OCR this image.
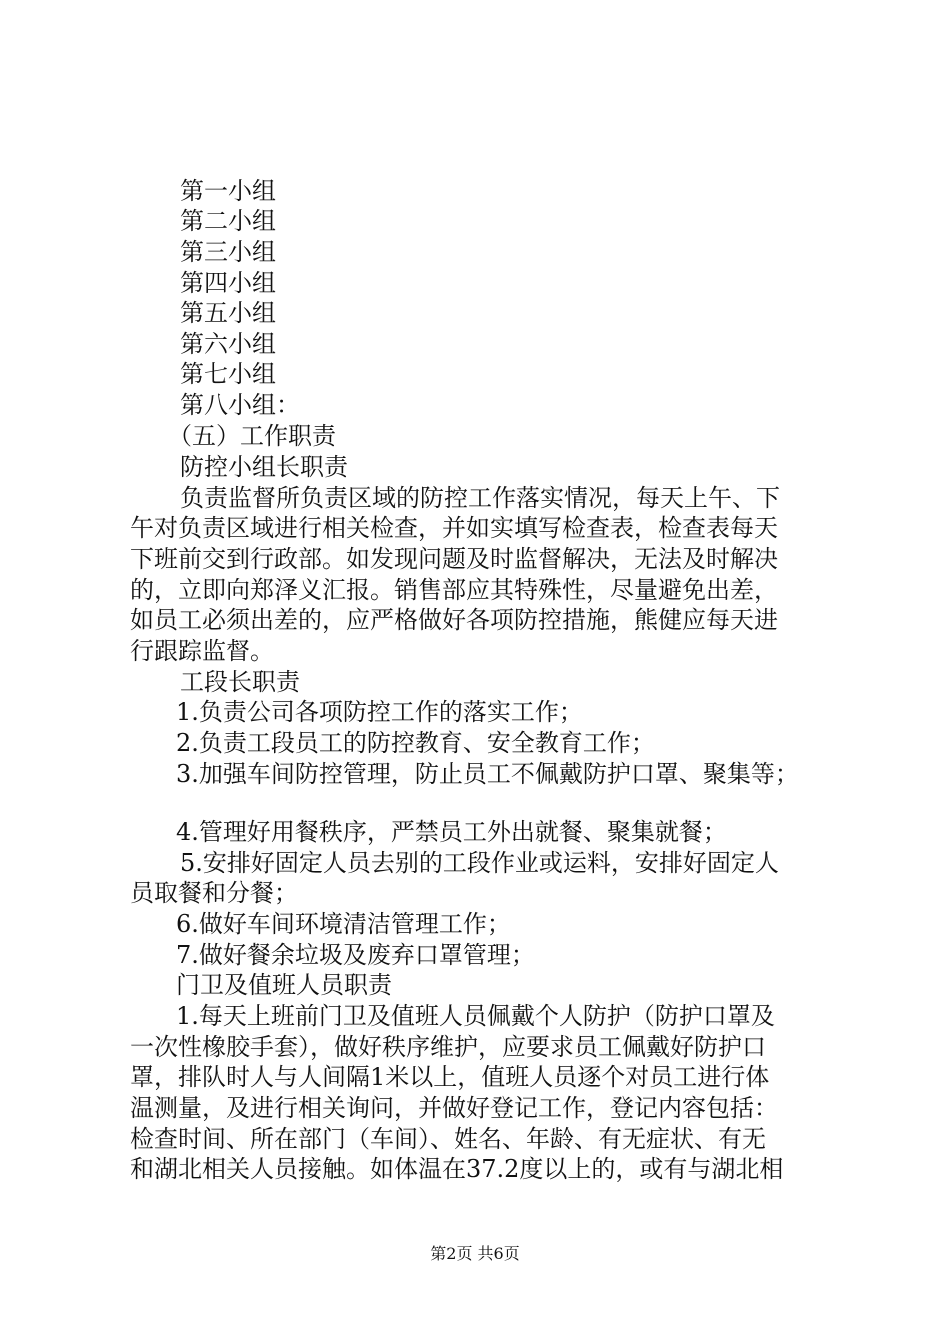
第一小组
第二小组
第三小组
第四小组
第五小组
第六小组
第七小组
第八小组：
（五）工作职责
防控小组长职责
负责监督所负责区域的防控工作落实情况，每天上午、下
午对负责区域进行相关检查，并如实填写检查表，检查表每天
下班前交到行政部。如发现问题及时监督解决，无法及时解决
的，立即向郑泽义汇报。销售部应其特殊性，尽量避免出差，
如员工必须出差的，应严格做好各项防控措施，熊健应每天进
行跟踪监督。
工段长职责
1.负责公司各项防控工作的落实工作；
2.负责工段员工的防控教育、安全教育工作；
3.加强车间防控管理，防止员工不佩戴防护口罩、聚集等；
4.管理好用餐秩序，严禁员工外出就餐、聚集就餐；
5.安排好固定人员去别的工段作业或运料，安排好固定人
员取餐和分餐；
6.做好车间环境清洁管理工作；
7.做好餐余垃圾及废弃口罩管理；
门卫及值班人员职责
1.每天上班前门卫及值班人员佩戴个人防护（防护口罩及
一次性橡胶手套），做好秩序维护，应要求员工佩戴好防护口
罩，排队时人与人间隔1米以上，值班人员逐个对员工进行体
温测量，及进行相关询问，并做好登记工作，登记内容包括：
检查时间、所在部门（车间）、姓名、年龄、有无症状、有无
和湖北相关人员接触。如体温在37.2度以上的，或有与湖北相
第2页 共6页
